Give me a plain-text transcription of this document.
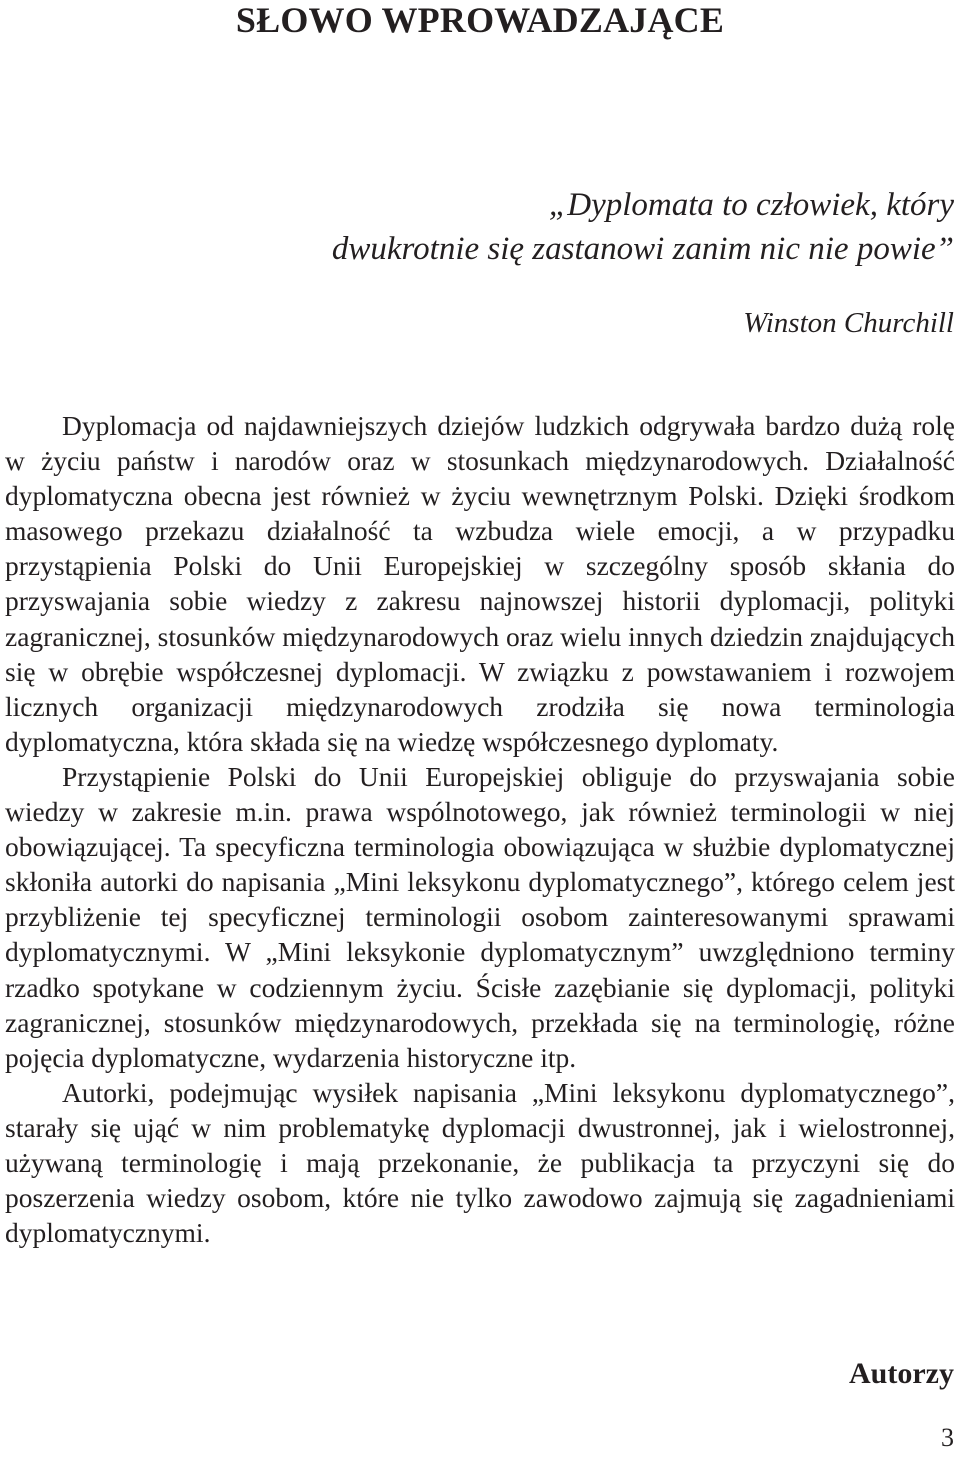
SŁOWO WPROWADZAJĄCE
„Dyplomata to człowiek, który
dwukrotnie się zastanowi zanim nic nie powie”
Winston Churchill

Dyplomacja od najdawniejszych dziejów ludzkich odgrywała bardzo dużą rolę w życiu państw i narodów oraz w stosunkach międzynarodowych. Działalność dyplomatyczna obecna jest również w życiu wewnętrznym Polski. Dzięki środkom masowego przekazu działalność ta wzbudza wiele emocji, a w przypadku przystąpienia Polski do Unii Europejskiej w szczególny sposób skłania do przyswajania sobie wiedzy z zakresu najnowszej historii dyplomacji, polityki zagranicznej, stosunków międzynarodowych oraz wielu innych dziedzin znajdujących się w obrębie współczesnej dyplomacji. W związku z powstawaniem i rozwojem licznych organizacji międzynarodowych zrodziła się nowa terminologia dyplomatyczna, która składa się na wiedzę współczesnego dyplomaty.

Przystąpienie Polski do Unii Europejskiej obliguje do przyswajania sobie wiedzy w zakresie m.in. prawa wspólnotowego, jak również terminologii w niej obowiązującej. Ta specyficzna terminologia obowiązująca w służbie dyplomatycznej skłoniła autorki do napisania „Mini leksykonu dyplomatycznego”, którego celem jest przybliżenie tej specyficznej terminologii osobom zainteresowanymi sprawami dyplomatycznymi. W „Mini leksykonie dyplomatycznym” uwzględniono terminy rzadko spotykane w codziennym życiu. Ścisłe zazębianie się dyplomacji, polityki zagranicznej, stosunków międzynarodowych, przekłada się na terminologię, różne pojęcia dyplomatyczne, wydarzenia historyczne itp.

Autorki, podejmując wysiłek napisania „Mini leksykonu dyplomatycznego”, starały się ująć w nim problematykę dyplomacji dwustronnej, jak i wielostronnej, używaną terminologię i mają przekonanie, że publikacja ta przyczyni się do poszerzenia wiedzy osobom, które nie tylko zawodowo zajmują się zagadnieniami dyplomatycznymi.

Autorzy
3
